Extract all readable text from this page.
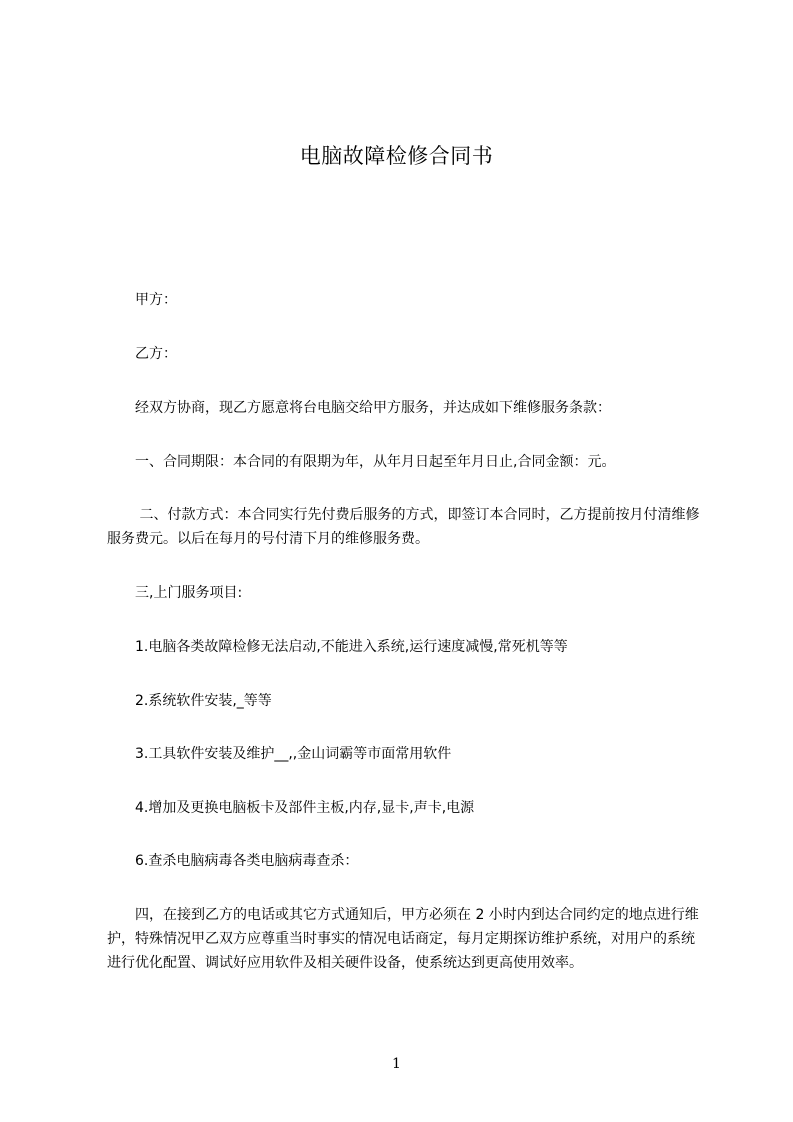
电脑故障检修合同书

甲方：

乙方：

经双方协商，现乙方愿意将台电脑交给甲方服务，并达成如下维修服务条款：

一、合同期限：本合同的有限期为年，从年月日起至年月日止,合同金额：元。

二、付款方式：本合同实行先付费后服务的方式，即签订本合同时，乙方提前按月付清维修服务费元。以后在每月的号付清下月的维修服务费。

三,上门服务项目:

1.电脑各类故障检修无法启动,不能进入系统,运行速度减慢,常死机等等

2.系统软件安装,_等等

3.工具软件安装及维护__,,金山词霸等市面常用软件

4.增加及更换电脑板卡及部件主板,内存,显卡,声卡,电源

6.查杀电脑病毒各类电脑病毒查杀：

四，在接到乙方的电话或其它方式通知后，甲方必须在 2 小时内到达合同约定的地点进行维护，特殊情况甲乙双方应尊重当时事实的情况电话商定，每月定期探访维护系统，对用户的系统进行优化配置、调试好应用软件及相关硬件设备，使系统达到更高使用效率。

1
